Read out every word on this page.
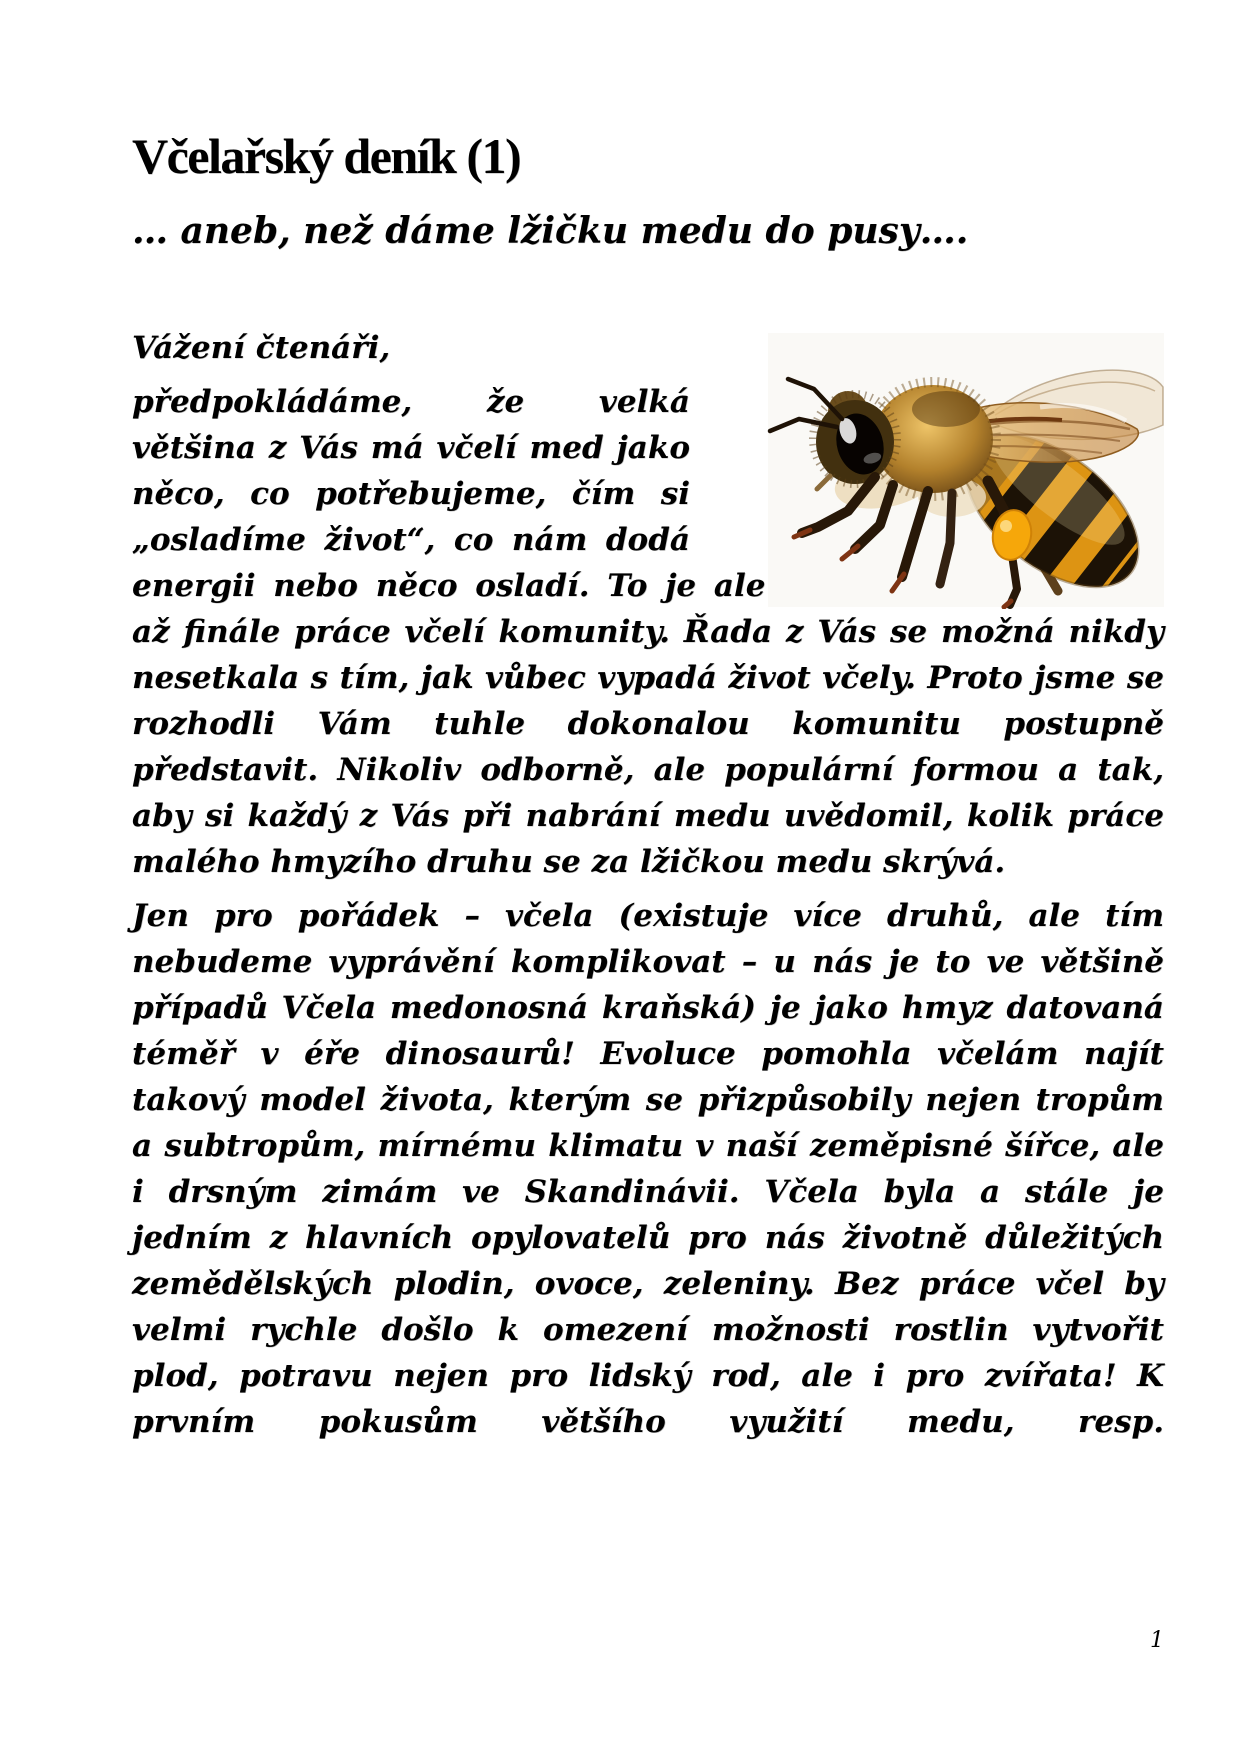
Včelařský deník (1)
… aneb, než dáme lžičku medu do pusy….

Vážení čtenáři,

předpokládáme, že velká většina z Vás má včelí med jako něco, co potřebujeme, čím si „osladíme život“, co nám dodá energii nebo něco osladí. To je ale až finále práce včelí komunity. Řada z Vás se možná nikdy nesetkala s tím, jak vůbec vypadá život včely. Proto jsme se rozhodli Vám tuhle dokonalou komunitu postupně představit. Nikoliv odborně, ale populární formou a tak, aby si každý z Vás při nabrání medu uvědomil, kolik práce malého hmyzího druhu se za lžičkou medu skrývá.

Jen pro pořádek – včela (existuje více druhů, ale tím nebudeme vyprávění komplikovat – u nás je to ve většině případů Včela medonosná kraňská) je jako hmyz datovaná téměř v éře dinosaurů! Evoluce pomohla včelám najít takový model života, kterým se přizpůsobily nejen tropům a subtropům, mírnému klimatu v naší zeměpisné šířce, ale i drsným zimám ve Skandinávii. Včela byla a stále je jedním z hlavních opylovatelů pro nás životně důležitých zemědělských plodin, ovoce, zeleniny. Bez práce včel by velmi rychle došlo k omezení možnosti rostlin vytvořit plod, potravu nejen pro lidský rod, ale i pro zvířata! K prvním pokusům většího využití medu, resp.

1
